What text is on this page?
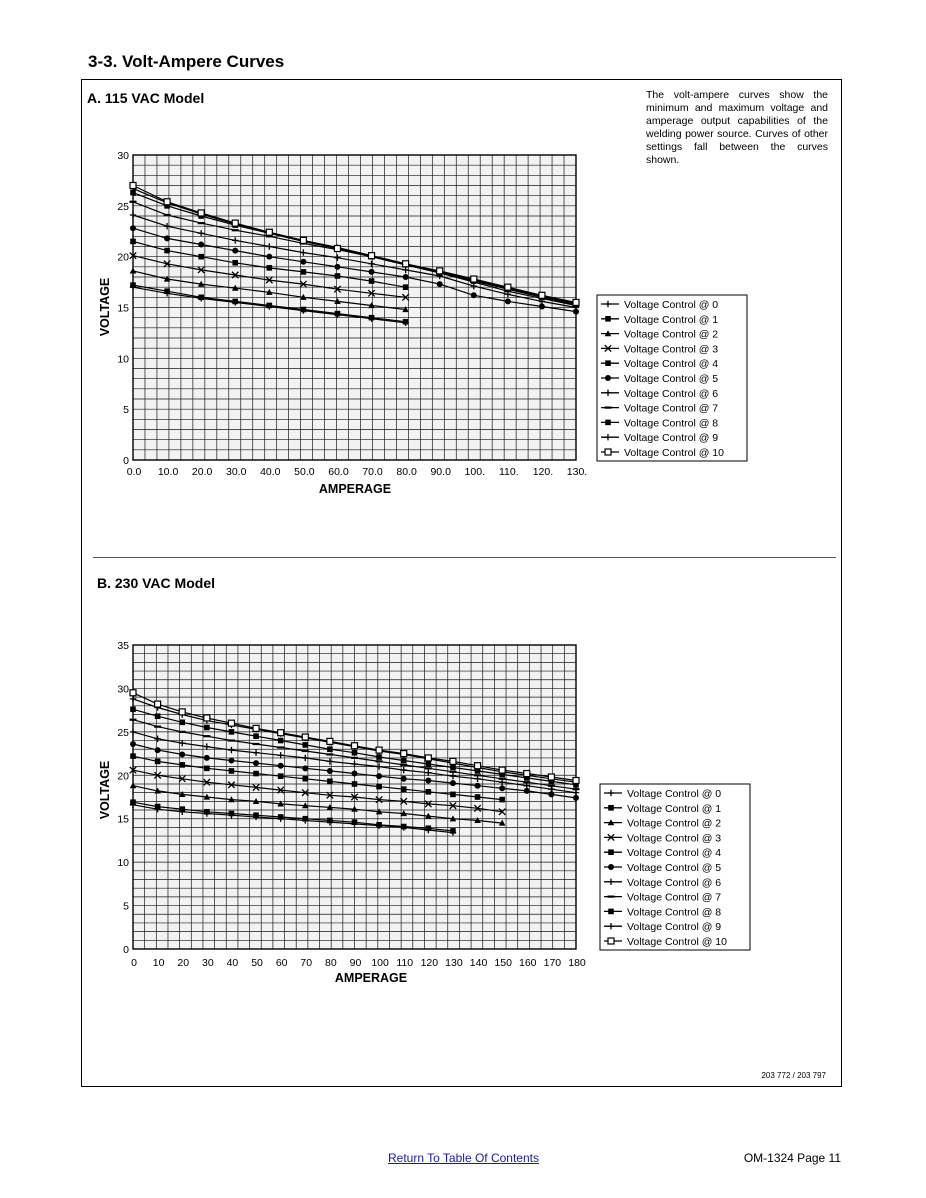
3-3. Volt-Ampere Curves
A. 115 VAC Model	The volt-ampere curves show the minimum and maximum voltage and amperage output capabilities of the welding power source. Curves of other settings fall between the curves shown.
B. 230 VAC Model
0
5
10
15
20
25
30
0.0 10.0 20.0 30.0 40.0 50.0 60.0 70.0 80.0 90.0 100. 110. 120. 130.
AMPERAGE
VOLTAGE	Voltage Control @ 0
Voltage Control @ 1
Voltage Control @ 2
Voltage Control @ 3
Voltage Control @ 4
Voltage Control @ 5
Voltage Control @ 6
Voltage Control @ 7
Voltage Control @ 8
Voltage Control @ 9
Voltage Control @ 10
0
5
10
15
20
25
30
35
0 10 20 30 40 50 60 70 80 90 100 110 120 130 140 150 160 170 180
AMPERAGE
VOLTAGE	Voltage Control @ 0
Voltage Control @ 1
Voltage Control @ 2
Voltage Control @ 3
Voltage Control @ 4
Voltage Control @ 5
Voltage Control @ 6
Voltage Control @ 7
Voltage Control @ 8
Voltage Control @ 9
Voltage Control @ 10
203 772 / 203 797
Return To Table Of Contents	OM-1324 Page 11
